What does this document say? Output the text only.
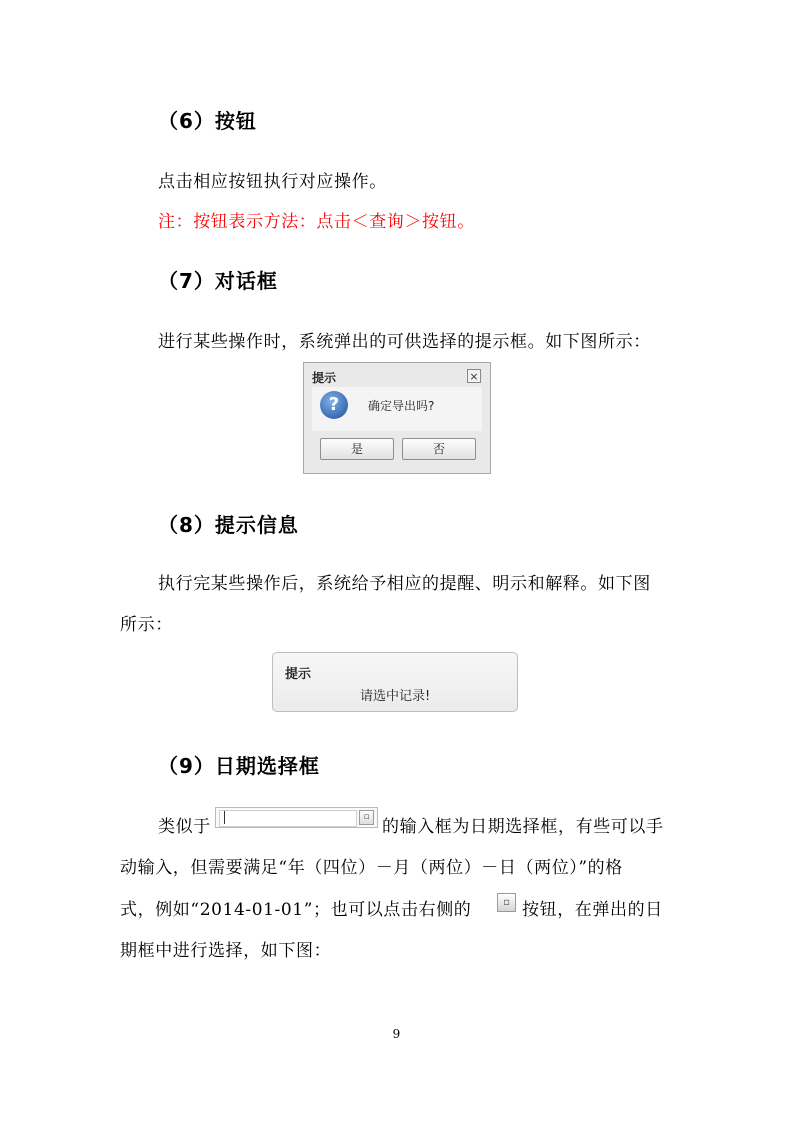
（6）按钮
点击相应按钮执行对应操作。
注：按钮表示方法：点击＜查询＞按钮。
（7）对话框
进行某些操作时，系统弹出的可供选择的提示框。如下图所示：
提示	×
?	确定导出吗?
是	否
（8）提示信息
执行完某些操作后，系统给予相应的提醒、明示和解释。如下图
所示：
提示
请选中记录!
（9）日期选择框
类似于	▫ 的输入框为日期选择框，有些可以手
动输入，但需要满足“年（四位）－月（两位）－日（两位）”的格
式，例如“2014-01-01”；也可以点击右侧的	▫ 按钮，在弹出的日
期框中进行选择，如下图：
9
